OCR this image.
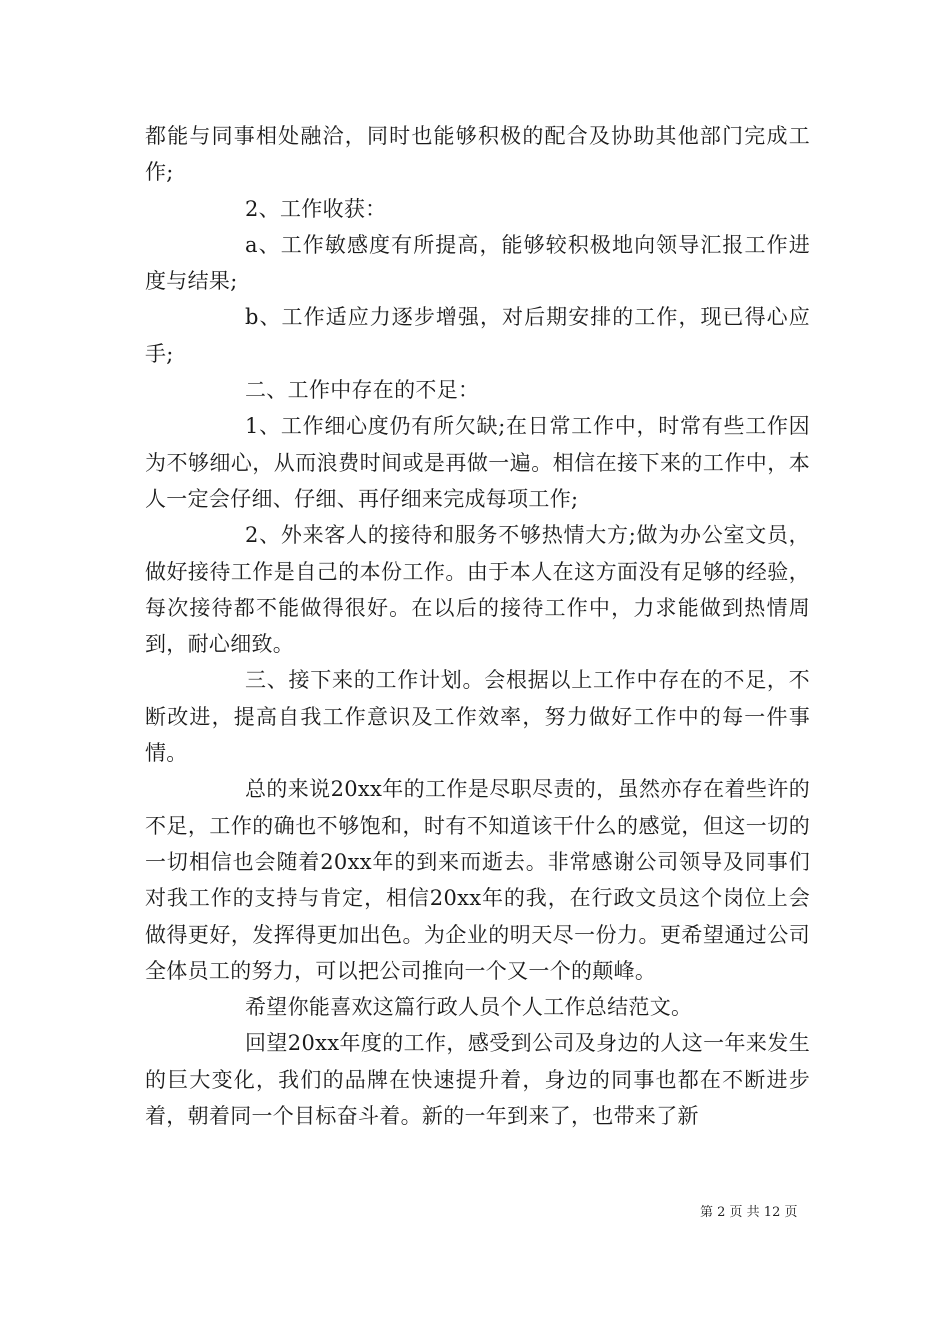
都能与同事相处融洽，同时也能够积极的配合及协助其他部门完成工作;

2、工作收获：

a、工作敏感度有所提高，能够较积极地向领导汇报工作进度与结果;

b、工作适应力逐步增强，对后期安排的工作，现已得心应手;

二、工作中存在的不足：

1、工作细心度仍有所欠缺;在日常工作中，时常有些工作因为不够细心，从而浪费时间或是再做一遍。相信在接下来的工作中，本人一定会仔细、仔细、再仔细来完成每项工作;

2、外来客人的接待和服务不够热情大方;做为办公室文员，做好接待工作是自己的本份工作。由于本人在这方面没有足够的经验，每次接待都不能做得很好。在以后的接待工作中，力求能做到热情周到，耐心细致。

三、接下来的工作计划。会根据以上工作中存在的不足，不断改进，提高自我工作意识及工作效率，努力做好工作中的每一件事情。

总的来说20xx年的工作是尽职尽责的，虽然亦存在着些许的不足，工作的确也不够饱和，时有不知道该干什么的感觉，但这一切的一切相信也会随着20xx年的到来而逝去。非常感谢公司领导及同事们对我工作的支持与肯定，相信20xx年的我，在行政文员这个岗位上会做得更好，发挥得更加出色。为企业的明天尽一份力。更希望通过公司全体员工的努力，可以把公司推向一个又一个的颠峰。

希望你能喜欢这篇行政人员个人工作总结范文。

回望20xx年度的工作，感受到公司及身边的人这一年来发生的巨大变化，我们的品牌在快速提升着，身边的同事也都在不断进步着，朝着同一个目标奋斗着。新的一年到来了，也带来了新

第 2 页 共 12 页
